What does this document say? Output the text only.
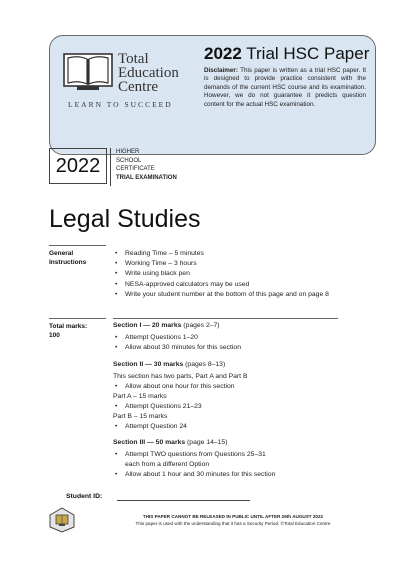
Total
Education
Centre
LEARN TO SUCCEED
2022 Trial HSC Paper
Disclaimer: This paper is written as a trial HSC paper. It is designed to provide practice consistent with the demands of the current HSC course and its examination. However, we do not guarantee it predicts question content for the actual HSC examination.
2022
HIGHER
SCHOOL
CERTIFICATE
TRIAL EXAMINATION
Legal Studies
General
Instructions
• Reading Time – 5 minutes
• Working Time – 3 hours
• Write using black pen
• NESA-approved calculators may be used
• Write your student number at the bottom of this page and on page 8
Total marks:
100
Section I — 20 marks (pages 2–7)
• Attempt Questions 1–20
• Allow about 30 minutes for this section
Section II — 30 marks (pages 8–13)
This section has two parts, Part A and Part B
• Allow about one hour for this section
Part A – 15 marks
• Attempt Questions 21–23
Part B – 15 marks
• Attempt Question 24
Section III — 50 marks (page 14–15)
• Attempt TWO questions from Questions 25–31
each from a different Option
• Allow about 1 hour and 30 minutes for this section
Student ID:
THIS PAPER CANNOT BE RELEASED IN PUBLIC UNTIL AFTER 26th AUGUST 2022
This paper is used with the understanding that it has a Security Period. ©Total Education Centre
